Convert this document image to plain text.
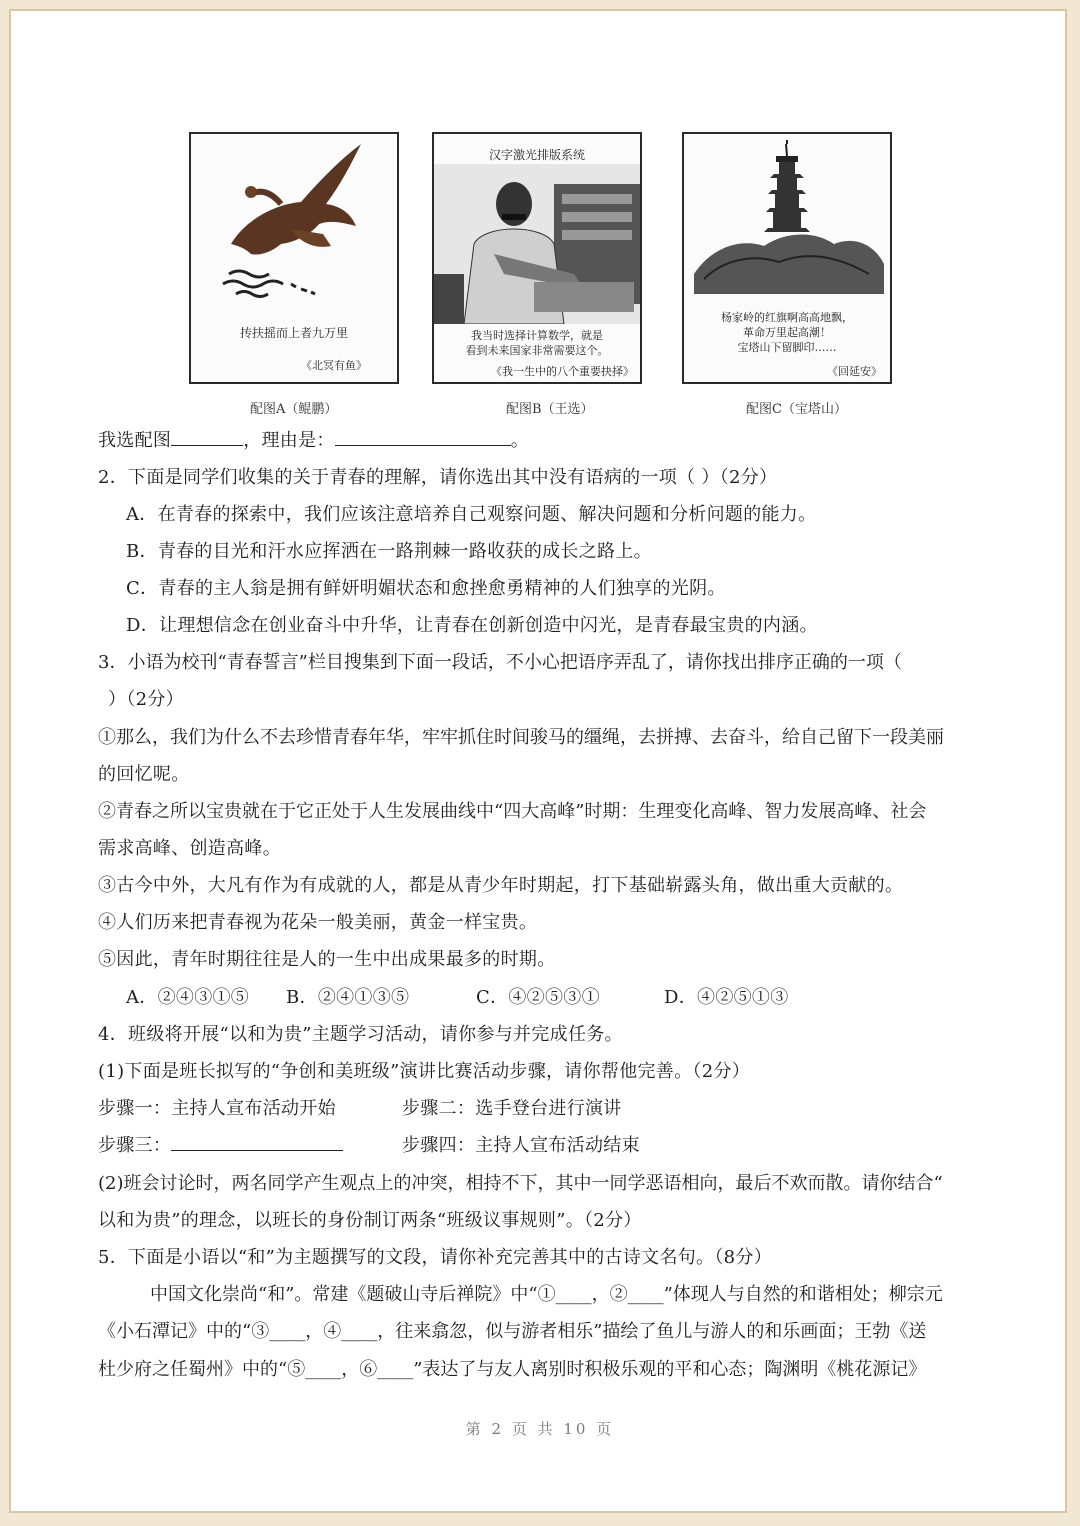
抟扶摇而上者九万里
《北冥有鱼》
汉字激光排版系统
我当时选择计算数学，就是
看到未来国家非常需要这个。
《我一生中的八个重要抉择》
杨家岭的红旗啊高高地飘，
革命万里起高潮！
宝塔山下留脚印……
《回延安》
配图A（鲲鹏）	配图B（王选）	配图C（宝塔山）
我选配图	，理由是：	。
2．下面是同学们收集的关于青春的理解，请你选出其中没有语病的一项（ ）（2分）
A．在青春的探索中，我们应该注意培养自己观察问题、解决问题和分析问题的能力。
B．青春的目光和汗水应挥洒在一路荆棘一路收获的成长之路上。
C．青春的主人翁是拥有鲜妍明媚状态和愈挫愈勇精神的人们独享的光阴。
D．让理想信念在创业奋斗中升华，让青春在创新创造中闪光，是青春最宝贵的内涵。
3．小语为校刊“青春誓言”栏目搜集到下面一段话，不小心把语序弄乱了，请你找出排序正确的一项（
）（2分）
①那么，我们为什么不去珍惜青春年华，牢牢抓住时间骏马的缰绳，去拼搏、去奋斗，给自己留下一段美丽
的回忆呢。
②青春之所以宝贵就在于它正处于人生发展曲线中“四大高峰”时期：生理变化高峰、智力发展高峰、社会
需求高峰、创造高峰。
③古今中外，大凡有作为有成就的人，都是从青少年时期起，打下基础崭露头角，做出重大贡献的。
④人们历来把青春视为花朵一般美丽，黄金一样宝贵。
⑤因此，青年时期往往是人的一生中出成果最多的时期。
A．②④③①⑤ B．②④①③⑤	C．④②⑤③①	D．④②⑤①③
4．班级将开展“以和为贵”主题学习活动，请你参与并完成任务。
(1)下面是班长拟写的“争创和美班级”演讲比赛活动步骤，请你帮他完善。（2分）
步骤一：主持人宣布活动开始	步骤二：选手登台进行演讲
步骤三：	步骤四：主持人宣布活动结束
(2)班会讨论时，两名同学产生观点上的冲突，相持不下，其中一同学恶语相向，最后不欢而散。请你结合“
以和为贵”的理念，以班长的身份制订两条“班级议事规则”。（2分）
5．下面是小语以“和”为主题撰写的文段，请你补充完善其中的古诗文名句。（8分）
中国文化崇尚“和”。常建《题破山寺后禅院》中“①____，②____”体现人与自然的和谐相处；柳宗元
《小石潭记》中的“③____，④____，往来翕忽，似与游者相乐”描绘了鱼儿与游人的和乐画面；王勃《送
杜少府之任蜀州》中的“⑤____，⑥____”表达了与友人离别时积极乐观的平和心态；陶渊明《桃花源记》
第 2 页 共 10 页
